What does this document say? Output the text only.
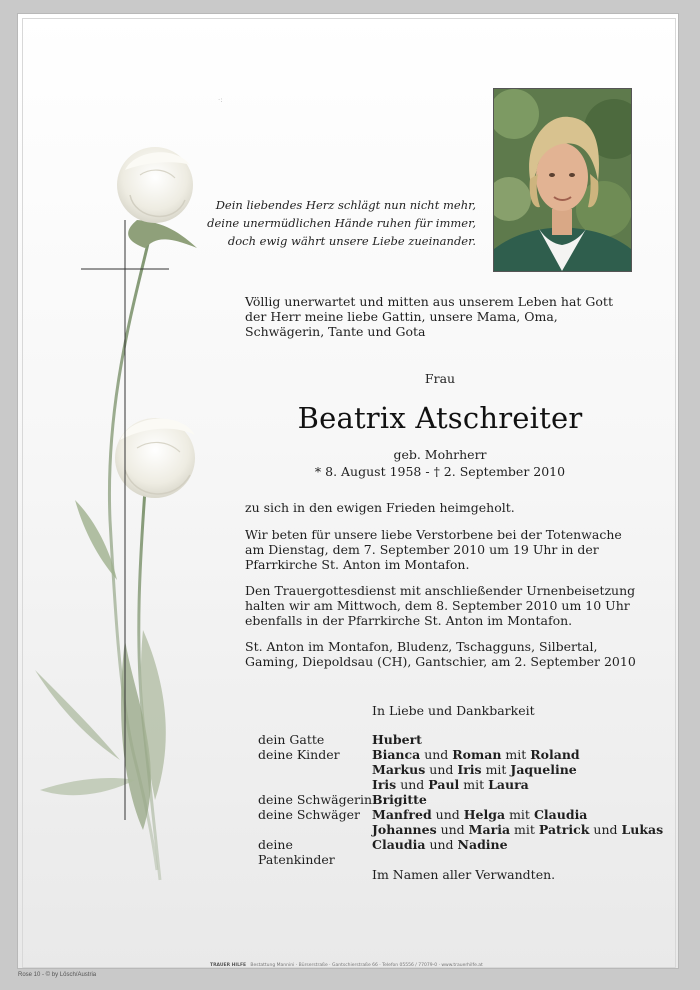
·:
Dein liebendes Herz schlägt nun nicht mehr,
deine unermüdlichen Hände ruhen für immer,
doch ewig währt unsere Liebe zueinander.
Völlig unerwartet und mitten aus unserem Leben hat Gott der Herr meine liebe Gattin, unsere Mama, Oma, Schwägerin, Tante und Gota
Frau
Beatrix Atschreiter
geb. Mohrherr
* 8. August 1958 - † 2. September 2010
zu sich in den ewigen Frieden heimgeholt.
Wir beten für unsere liebe Verstorbene bei der Totenwache am Dienstag, dem 7. September 2010 um 19 Uhr in der Pfarrkirche St. Anton im Montafon.
Den Trauergottesdienst mit anschließender Urnenbeisetzung halten wir am Mittwoch, dem 8. September 2010 um 10 Uhr ebenfalls in der Pfarrkirche St. Anton im Montafon.
St. Anton im Montafon, Bludenz, Tschagguns, Silbertal, Gaming, Diepoldsau (CH), Gantschier, am 2. September 2010
In Liebe und Dankbarkeit
dein Gatte	Hubert
deine Kinder	Bianca und Roman mit Roland
Markus und Iris mit Jaqueline
Iris und Paul mit Laura
deine Schwägerin Brigitte
deine Schwäger Manfred und Helga mit Claudia
Johannes und Maria mit Patrick und Lukas
deine Patenkinder
Claudia und Nadine
Im Namen aller Verwandten.
TRAUER HILFE Bestattung Mannini · Bürserstraße · Gantschierstraße 66 · Telefon 05556 / 77079-0 · www.trauerhilfe.at
Rose 10 - © by Lösch/Austria
